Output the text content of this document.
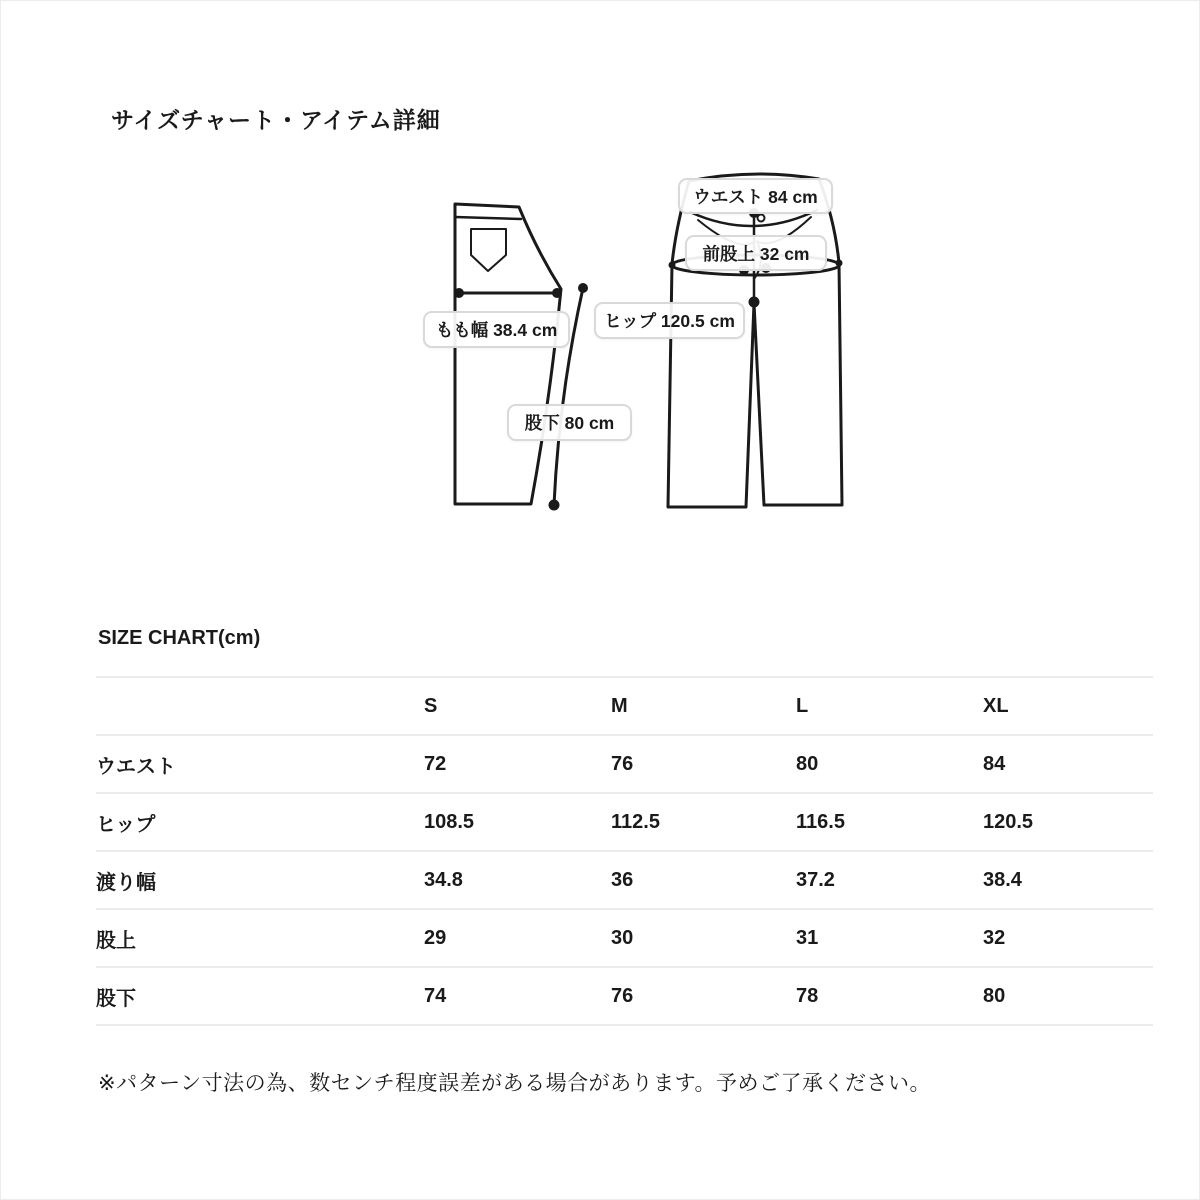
サイズチャート・アイテム詳細
ウエスト 84 cm
前股上 32 cm
ヒップ 120.5 cm
もも幅 38.4 cm
股下 80 cm
SIZE CHART(cm)
	S	M	L	XL
ウエスト	72	76	80	84
ヒップ	108.5	112.5	116.5	120.5
渡り幅	34.8	36	37.2	38.4
股上	29	30	31	32
股下	74	76	78	80
※パターン寸法の為、数センチ程度誤差がある場合があります。予めご了承ください。
